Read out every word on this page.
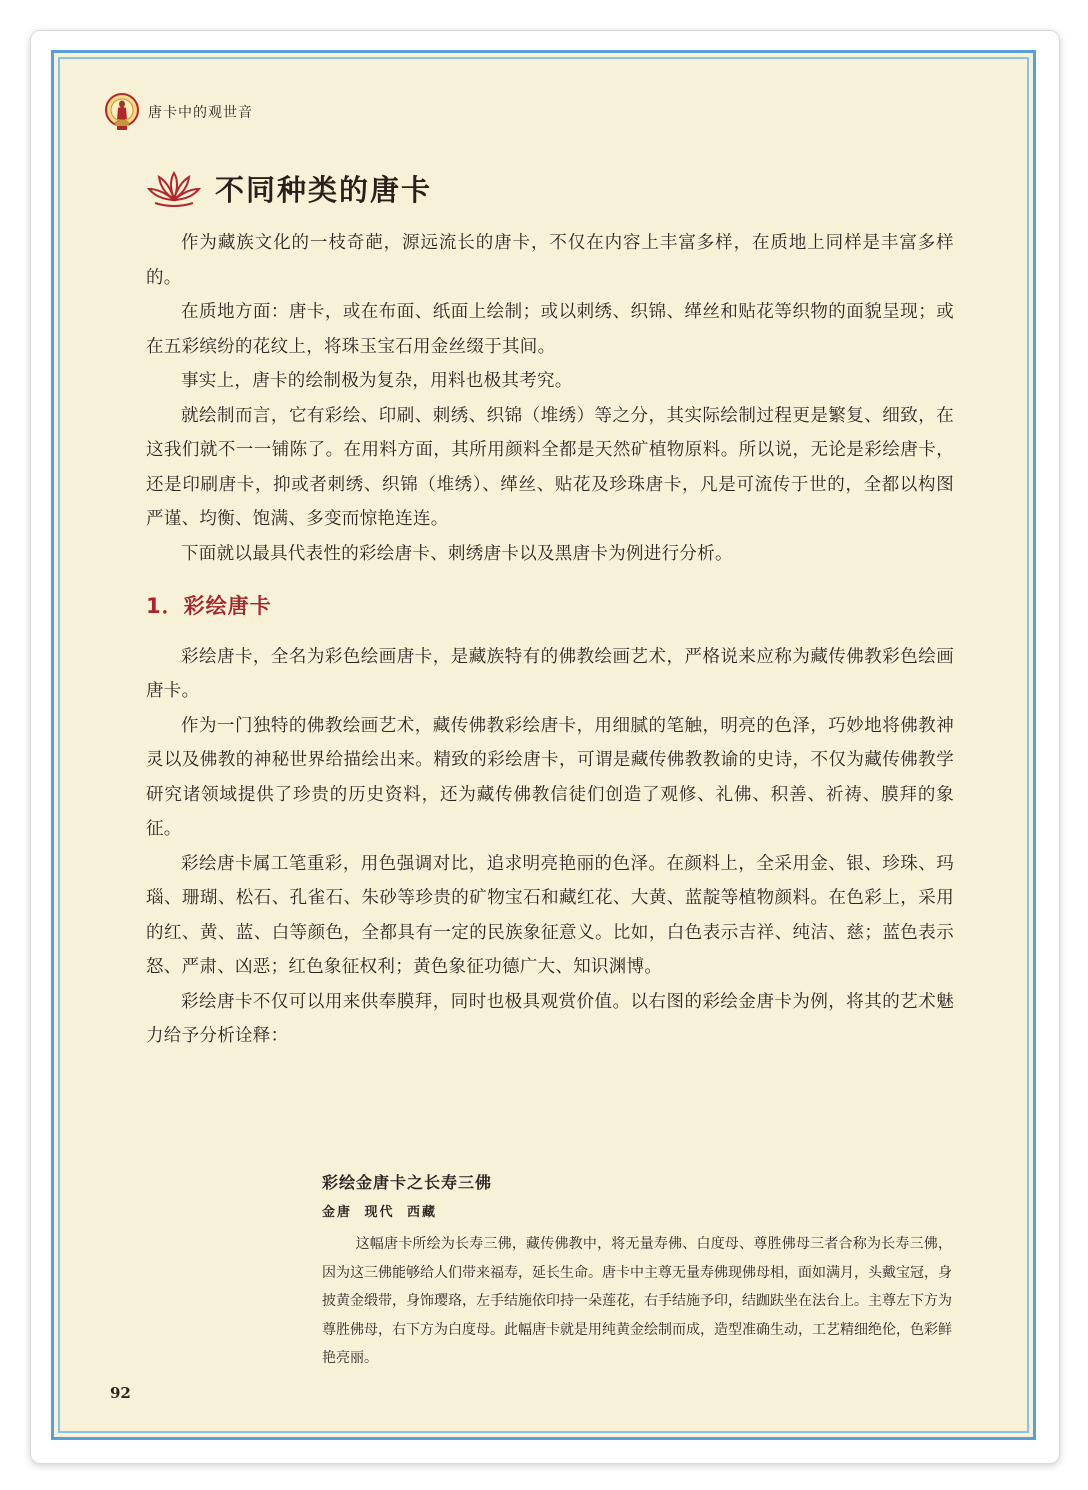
唐卡中的观世音
不同种类的唐卡

作为藏族文化的一枝奇葩，源远流长的唐卡，不仅在内容上丰富多样，在质地上同样是丰富多样的。

在质地方面：唐卡，或在布面、纸面上绘制；或以刺绣、织锦、缂丝和贴花等织物的面貌呈现；或在五彩缤纷的花纹上，将珠玉宝石用金丝缀于其间。

事实上，唐卡的绘制极为复杂，用料也极其考究。

就绘制而言，它有彩绘、印刷、刺绣、织锦（堆绣）等之分，其实际绘制过程更是繁复、细致，在这我们就不一一铺陈了。在用料方面，其所用颜料全都是天然矿植物原料。所以说，无论是彩绘唐卡，还是印刷唐卡，抑或者刺绣、织锦（堆绣）、缂丝、贴花及珍珠唐卡，凡是可流传于世的，全都以构图严谨、均衡、饱满、多变而惊艳连连。

下面就以最具代表性的彩绘唐卡、刺绣唐卡以及黑唐卡为例进行分析。

1．彩绘唐卡

彩绘唐卡，全名为彩色绘画唐卡，是藏族特有的佛教绘画艺术，严格说来应称为藏传佛教彩色绘画唐卡。

作为一门独特的佛教绘画艺术，藏传佛教彩绘唐卡，用细腻的笔触，明亮的色泽，巧妙地将佛教神灵以及佛教的神秘世界给描绘出来。精致的彩绘唐卡，可谓是藏传佛教教谕的史诗，不仅为藏传佛教学研究诸领域提供了珍贵的历史资料，还为藏传佛教信徒们创造了观修、礼佛、积善、祈祷、膜拜的象征。

彩绘唐卡属工笔重彩，用色强调对比，追求明亮艳丽的色泽。在颜料上，全采用金、银、珍珠、玛瑙、珊瑚、松石、孔雀石、朱砂等珍贵的矿物宝石和藏红花、大黄、蓝靛等植物颜料。在色彩上，采用的红、黄、蓝、白等颜色，全都具有一定的民族象征意义。比如，白色表示吉祥、纯洁、慈；蓝色表示怒、严肃、凶恶；红色象征权利；黄色象征功德广大、知识渊博。

彩绘唐卡不仅可以用来供奉膜拜，同时也极具观赏价值。以右图的彩绘金唐卡为例，将其的艺术魅力给予分析诠释：

彩绘金唐卡之长寿三佛
金唐 现代 西藏
这幅唐卡所绘为长寿三佛，藏传佛教中，将无量寿佛、白度母、尊胜佛母三者合称为长寿三佛，因为这三佛能够给人们带来福寿，延长生命。唐卡中主尊无量寿佛现佛母相，面如满月，头戴宝冠，身披黄金缎带，身饰璎珞，左手结施依印持一朵莲花，右手结施予印，结跏趺坐在法台上。主尊左下方为尊胜佛母，右下方为白度母。此幅唐卡就是用纯黄金绘制而成，造型准确生动，工艺精细绝伦，色彩鲜艳亮丽。
92
